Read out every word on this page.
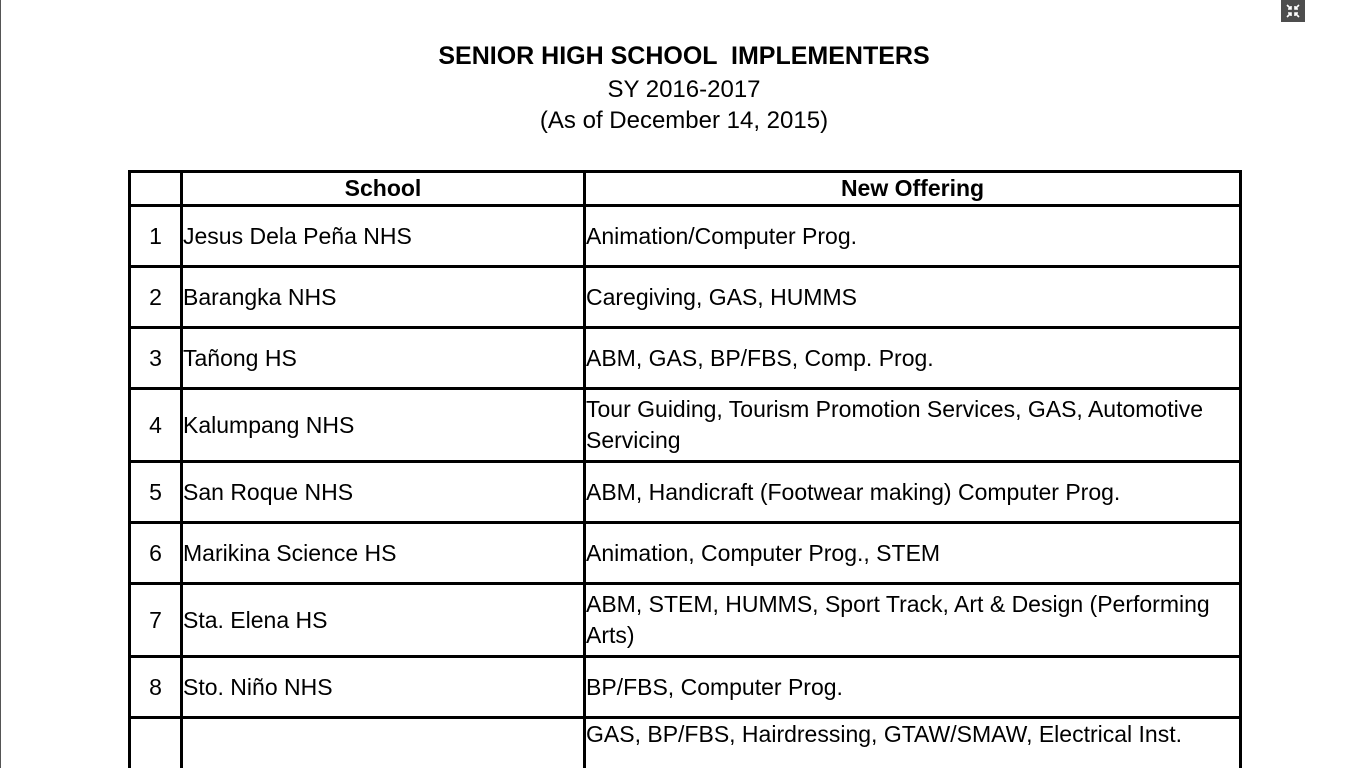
SENIOR HIGH SCHOOL  IMPLEMENTERS
SY 2016-2017
(As of December 14, 2015)
	School	New Offering
1	Jesus Dela Peña NHS	Animation/Computer Prog.
2	Barangka NHS	Caregiving, GAS, HUMMS
3	Tañong HS	ABM, GAS, BP/FBS, Comp. Prog.
4	Kalumpang NHS	Tour Guiding, Tourism Promotion Services, GAS, Automotive Servicing
5	San Roque NHS	ABM, Handicraft (Footwear making) Computer Prog.
6	Marikina Science HS	Animation, Computer Prog., STEM
7	Sta. Elena HS	ABM, STEM, HUMMS, Sport Track, Art & Design (Performing Arts)
8	Sto. Niño NHS	BP/FBS, Computer Prog.
		GAS, BP/FBS, Hairdressing, GTAW/SMAW, Electrical Inst.
